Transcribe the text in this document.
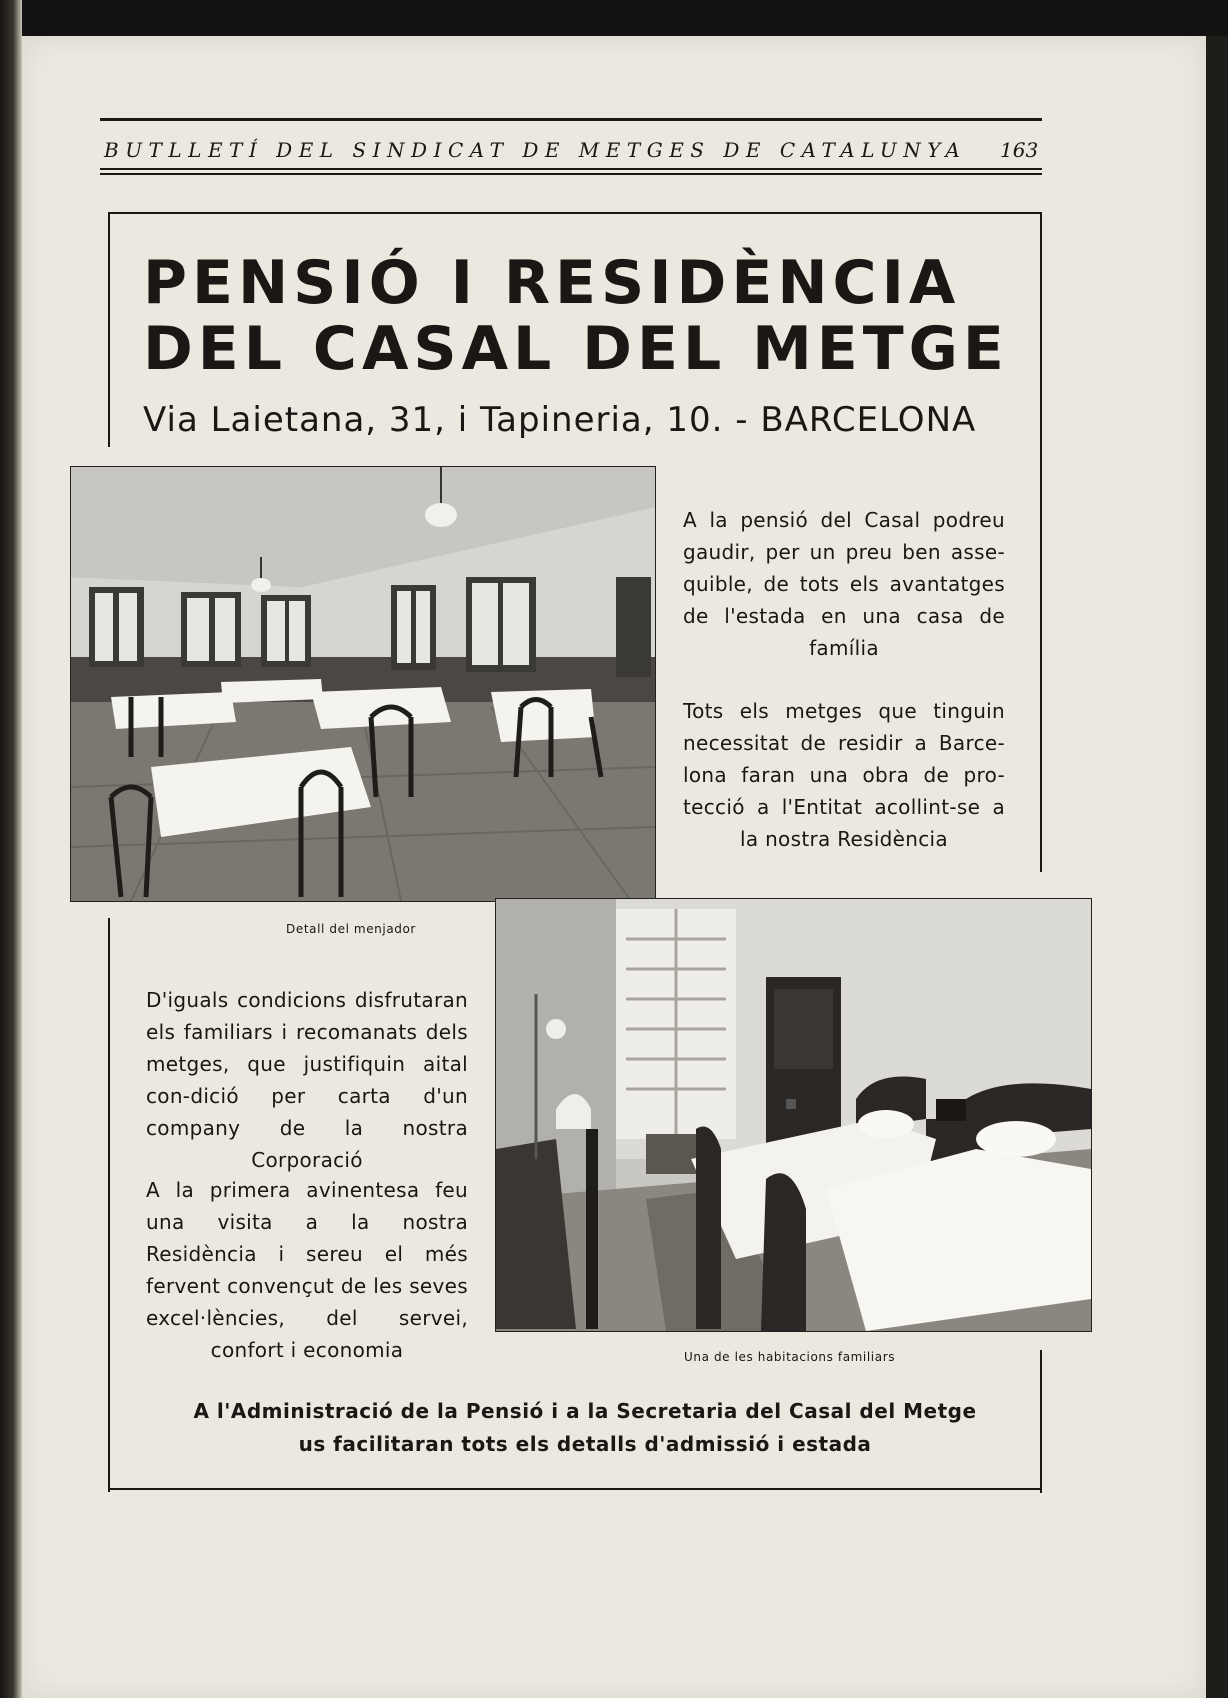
BUTLLETÍ DEL SINDICAT DE METGES DE CATALUNYA	163
PENSIÓ I RESIDÈNCIA
DEL CASAL DEL METGE
Via Laietana, 31, i Tapineria, 10. - BARCELONA
A la pensió del Casal podreu gaudir, per un preu ben asse-quible, de tots els avantatges de l'estada en una casa de família
Tots els metges que tinguin necessitat de residir a Barce-lona faran una obra de pro-tecció a l'Entitat acollint-se a la nostra Residència
Detall del menjador
D'iguals condicions disfrutaran els familiars i recomanats dels metges, que justifiquin aital con-dició per carta d'un company de la nostra Corporació
A la primera avinentesa feu una visita a la nostra Residència i sereu el més fervent convençut de les seves excel·lències, del servei, confort i economia	Una de les habitacions familiars
A l'Administració de la Pensió i a la Secretaria del Casal del Metge
us facilitaran tots els detalls d'admissió i estada
